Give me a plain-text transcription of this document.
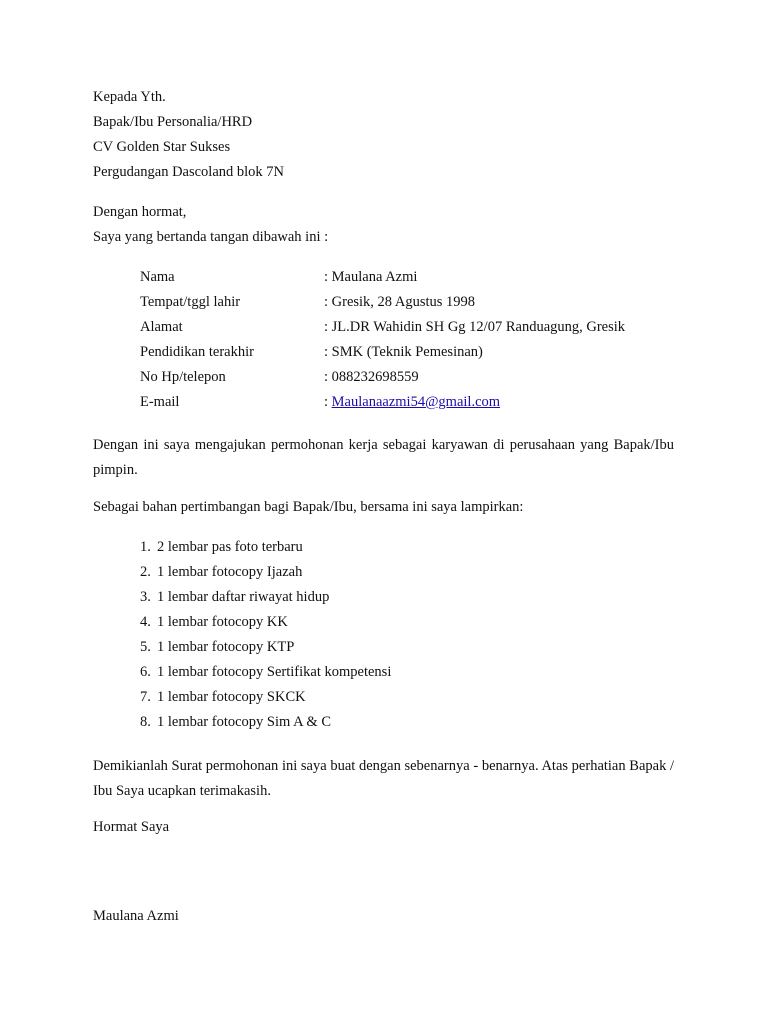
Kepada Yth.
Bapak/Ibu Personalia/HRD
CV Golden Star Sukses
Pergudangan Dascoland blok 7N
Dengan hormat,
Saya yang bertanda tangan dibawah ini :
Nama	: Maulana Azmi
Tempat/tggl lahir	: Gresik, 28 Agustus 1998
Alamat	: JL.DR Wahidin SH Gg 12/07 Randuagung, Gresik
Pendidikan terakhir	: SMK (Teknik Pemesinan)
No Hp/telepon	: 088232698559
E-mail	: Maulanaazmi54@gmail.com
Dengan ini saya mengajukan permohonan kerja sebagai karyawan di perusahaan yang Bapak/Ibu pimpin.
Sebagai bahan pertimbangan bagi Bapak/Ibu, bersama ini saya lampirkan:
1. 2 lembar pas foto terbaru
2. 1 lembar fotocopy Ijazah
3. 1 lembar daftar riwayat hidup
4. 1 lembar fotocopy KK
5. 1 lembar fotocopy KTP
6. 1 lembar fotocopy Sertifikat kompetensi
7. 1 lembar fotocopy SKCK
8. 1 lembar fotocopy Sim A & C
Demikianlah Surat permohonan ini saya buat dengan sebenarnya - benarnya. Atas perhatian Bapak / Ibu Saya ucapkan terimakasih.
Hormat Saya
Maulana Azmi
